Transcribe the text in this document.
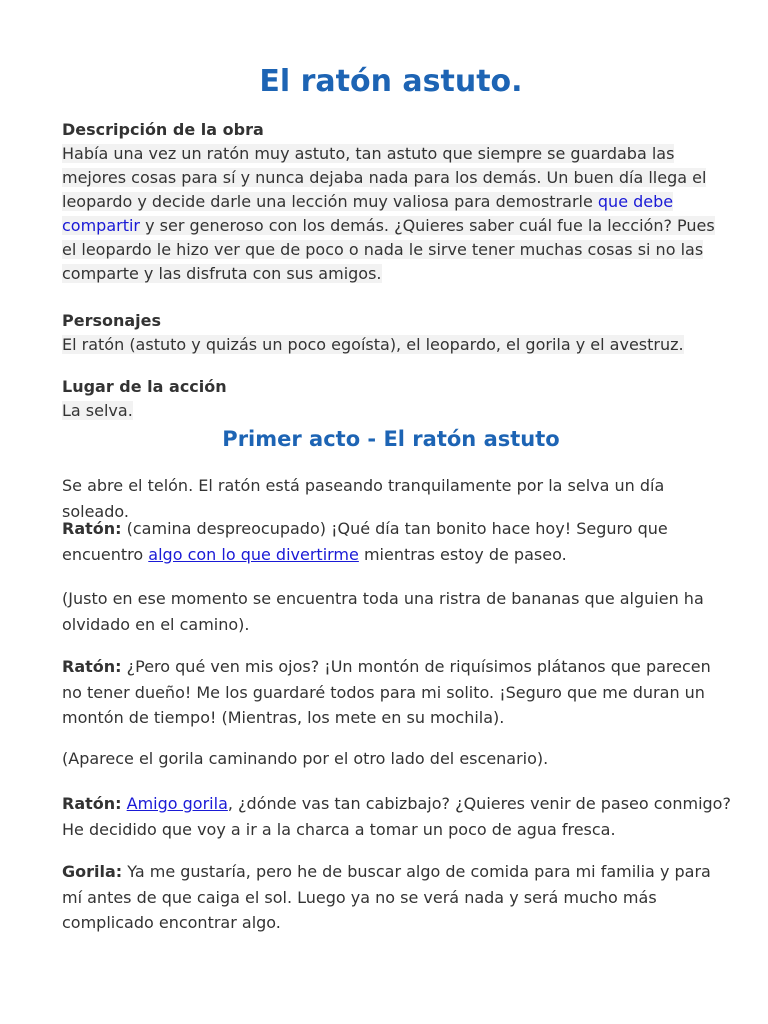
El ratón astuto.
Descripción de la obra

Había una vez un ratón muy astuto, tan astuto que siempre se guardaba las mejores cosas para sí y nunca dejaba nada para los demás. Un buen día llega el leopardo y decide darle una lección muy valiosa para demostrarle que debe compartir y ser generoso con los demás. ¿Quieres saber cuál fue la lección? Pues el leopardo le hizo ver que de poco o nada le sirve tener muchas cosas si no las comparte y las disfruta con sus amigos.

Personajes

El ratón (astuto y quizás un poco egoísta), el leopardo, el gorila y el avestruz.

Lugar de la acción

La selva.

Primer acto - El ratón astuto

Se abre el telón. El ratón está paseando tranquilamente por la selva un día soleado.

Ratón: (camina despreocupado) ¡Qué día tan bonito hace hoy! Seguro que encuentro algo con lo que divertirme mientras estoy de paseo.

(Justo en ese momento se encuentra toda una ristra de bananas que alguien ha olvidado en el camino).

Ratón: ¿Pero qué ven mis ojos? ¡Un montón de riquísimos plátanos que parecen no tener dueño! Me los guardaré todos para mi solito. ¡Seguro que me duran un montón de tiempo! (Mientras, los mete en su mochila).

(Aparece el gorila caminando por el otro lado del escenario).

Ratón: Amigo gorila, ¿dónde vas tan cabizbajo? ¿Quieres venir de paseo conmigo? He decidido que voy a ir a la charca a tomar un poco de agua fresca.

Gorila: Ya me gustaría, pero he de buscar algo de comida para mi familia y para mí antes de que caiga el sol. Luego ya no se verá nada y será mucho más complicado encontrar algo.
